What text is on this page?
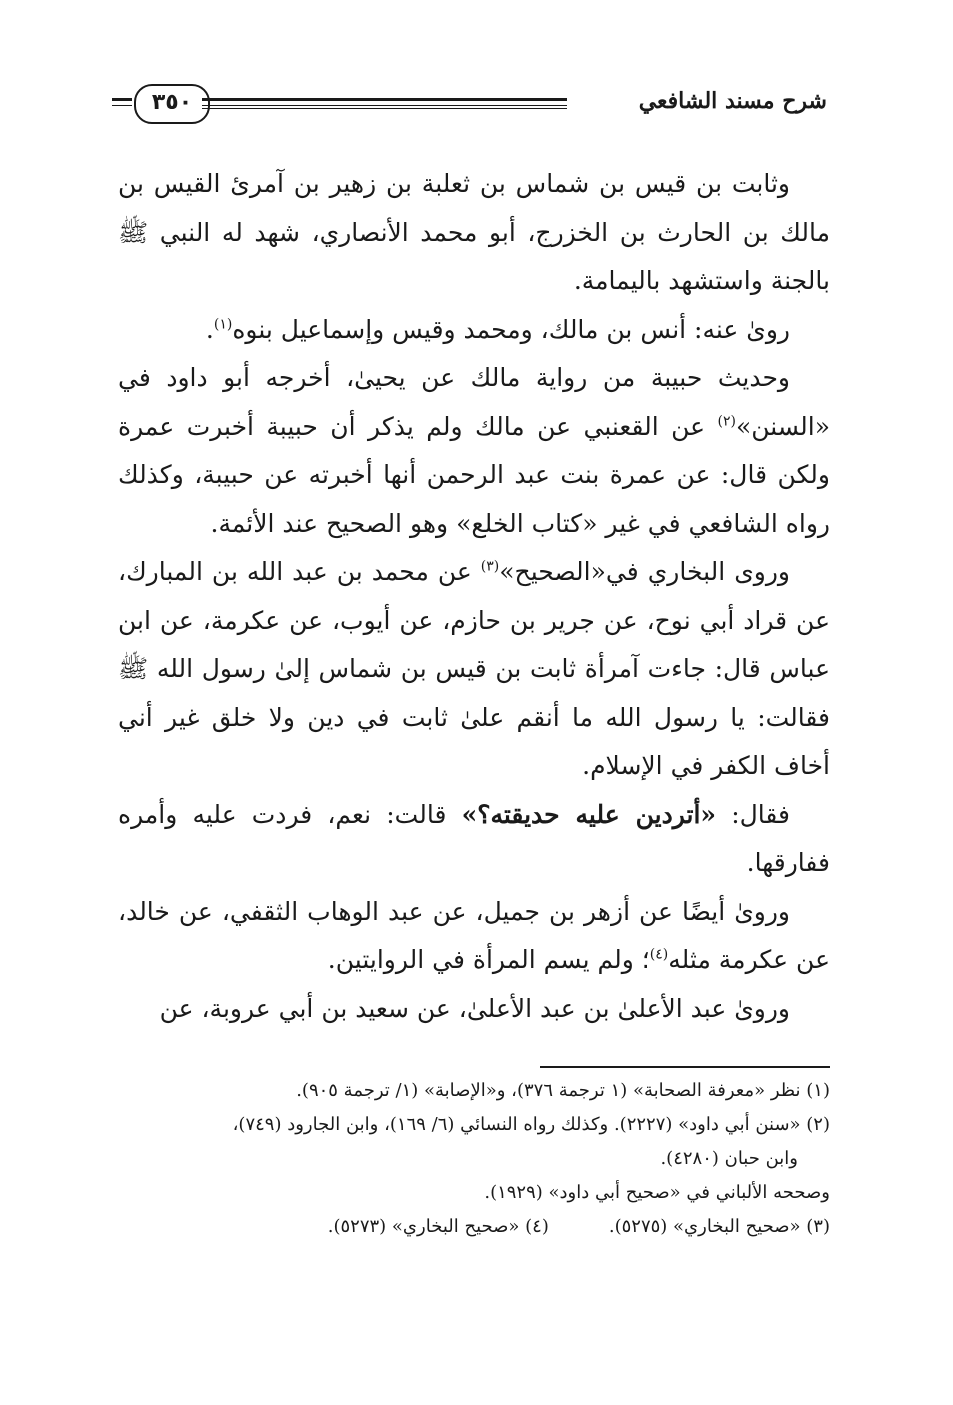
٣٥٠	شرح مسند الشافعي

وثابت بن قيس بن شماس بن ثعلبة بن زهير بن آمرئ القيس بن مالك بن الحارث بن الخزرج، أبو محمد الأنصاري، شهد له النبي ﷺ بالجنة واستشهد باليمامة.

روىٰ عنه: أنس بن مالك، ومحمد وقيس وإسماعيل بنوه$^{(١)}$.

وحديث حبيبة من رواية مالك عن يحيىٰ، أخرجه أبو داود في «السنن»$^{(٢)}$ عن القعنبي عن مالك ولم يذكر أن حبيبة أخبرت عمرة ولكن قال: عن عمرة بنت عبد الرحمن أنها أخبرته عن حبيبة، وكذلك رواه الشافعي في غير «كتاب الخلع» وهو الصحيح عند الأئمة.

وروى البخاري في«الصحيح»$^{(٣)}$ عن محمد بن عبد الله بن المبارك، عن قراد أبي نوح، عن جرير بن حازم، عن أيوب، عن عكرمة، عن ابن عباس قال: جاءت آمرأة ثابت بن قيس بن شماس إلىٰ رسول الله ﷺ فقالت: يا رسول الله ما أنقم علىٰ ثابت في دين ولا خلق غير أني أخاف الكفر في الإسلام.

فقال: «أتردين عليه حديقته؟» قالت: نعم، فردت عليه وأمره ففارقها.

ورویٰ أيضًا عن أزهر بن جميل، عن عبد الوهاب الثقفي، عن خالد، عن عكرمة مثله$^{(٤)}$؛ ولم يسم المرأة في الروايتين.

ورویٰ عبد الأعلىٰ بن عبد الأعلىٰ، عن سعيد بن أبي عروبة، عن

(١) نظر «معرفة الصحابة» (١ ترجمة ٣٧٦)، و«الإصابة» (١/ ترجمة ٩٠٥).

(٢) «سنن أبي داود» (٢٢٢٧). وكذلك رواه النسائي (٦/ ١٦٩)، وابن الجارود (٧٤٩)،

وابن حبان (٤٢٨٠).

وصححه الألباني في «صحيح أبي داود» (١٩٢٩).

(٣) «صحيح البخاري» (٥٢٧٥).
(٤) «صحيح البخاري» (٥٢٧٣).
